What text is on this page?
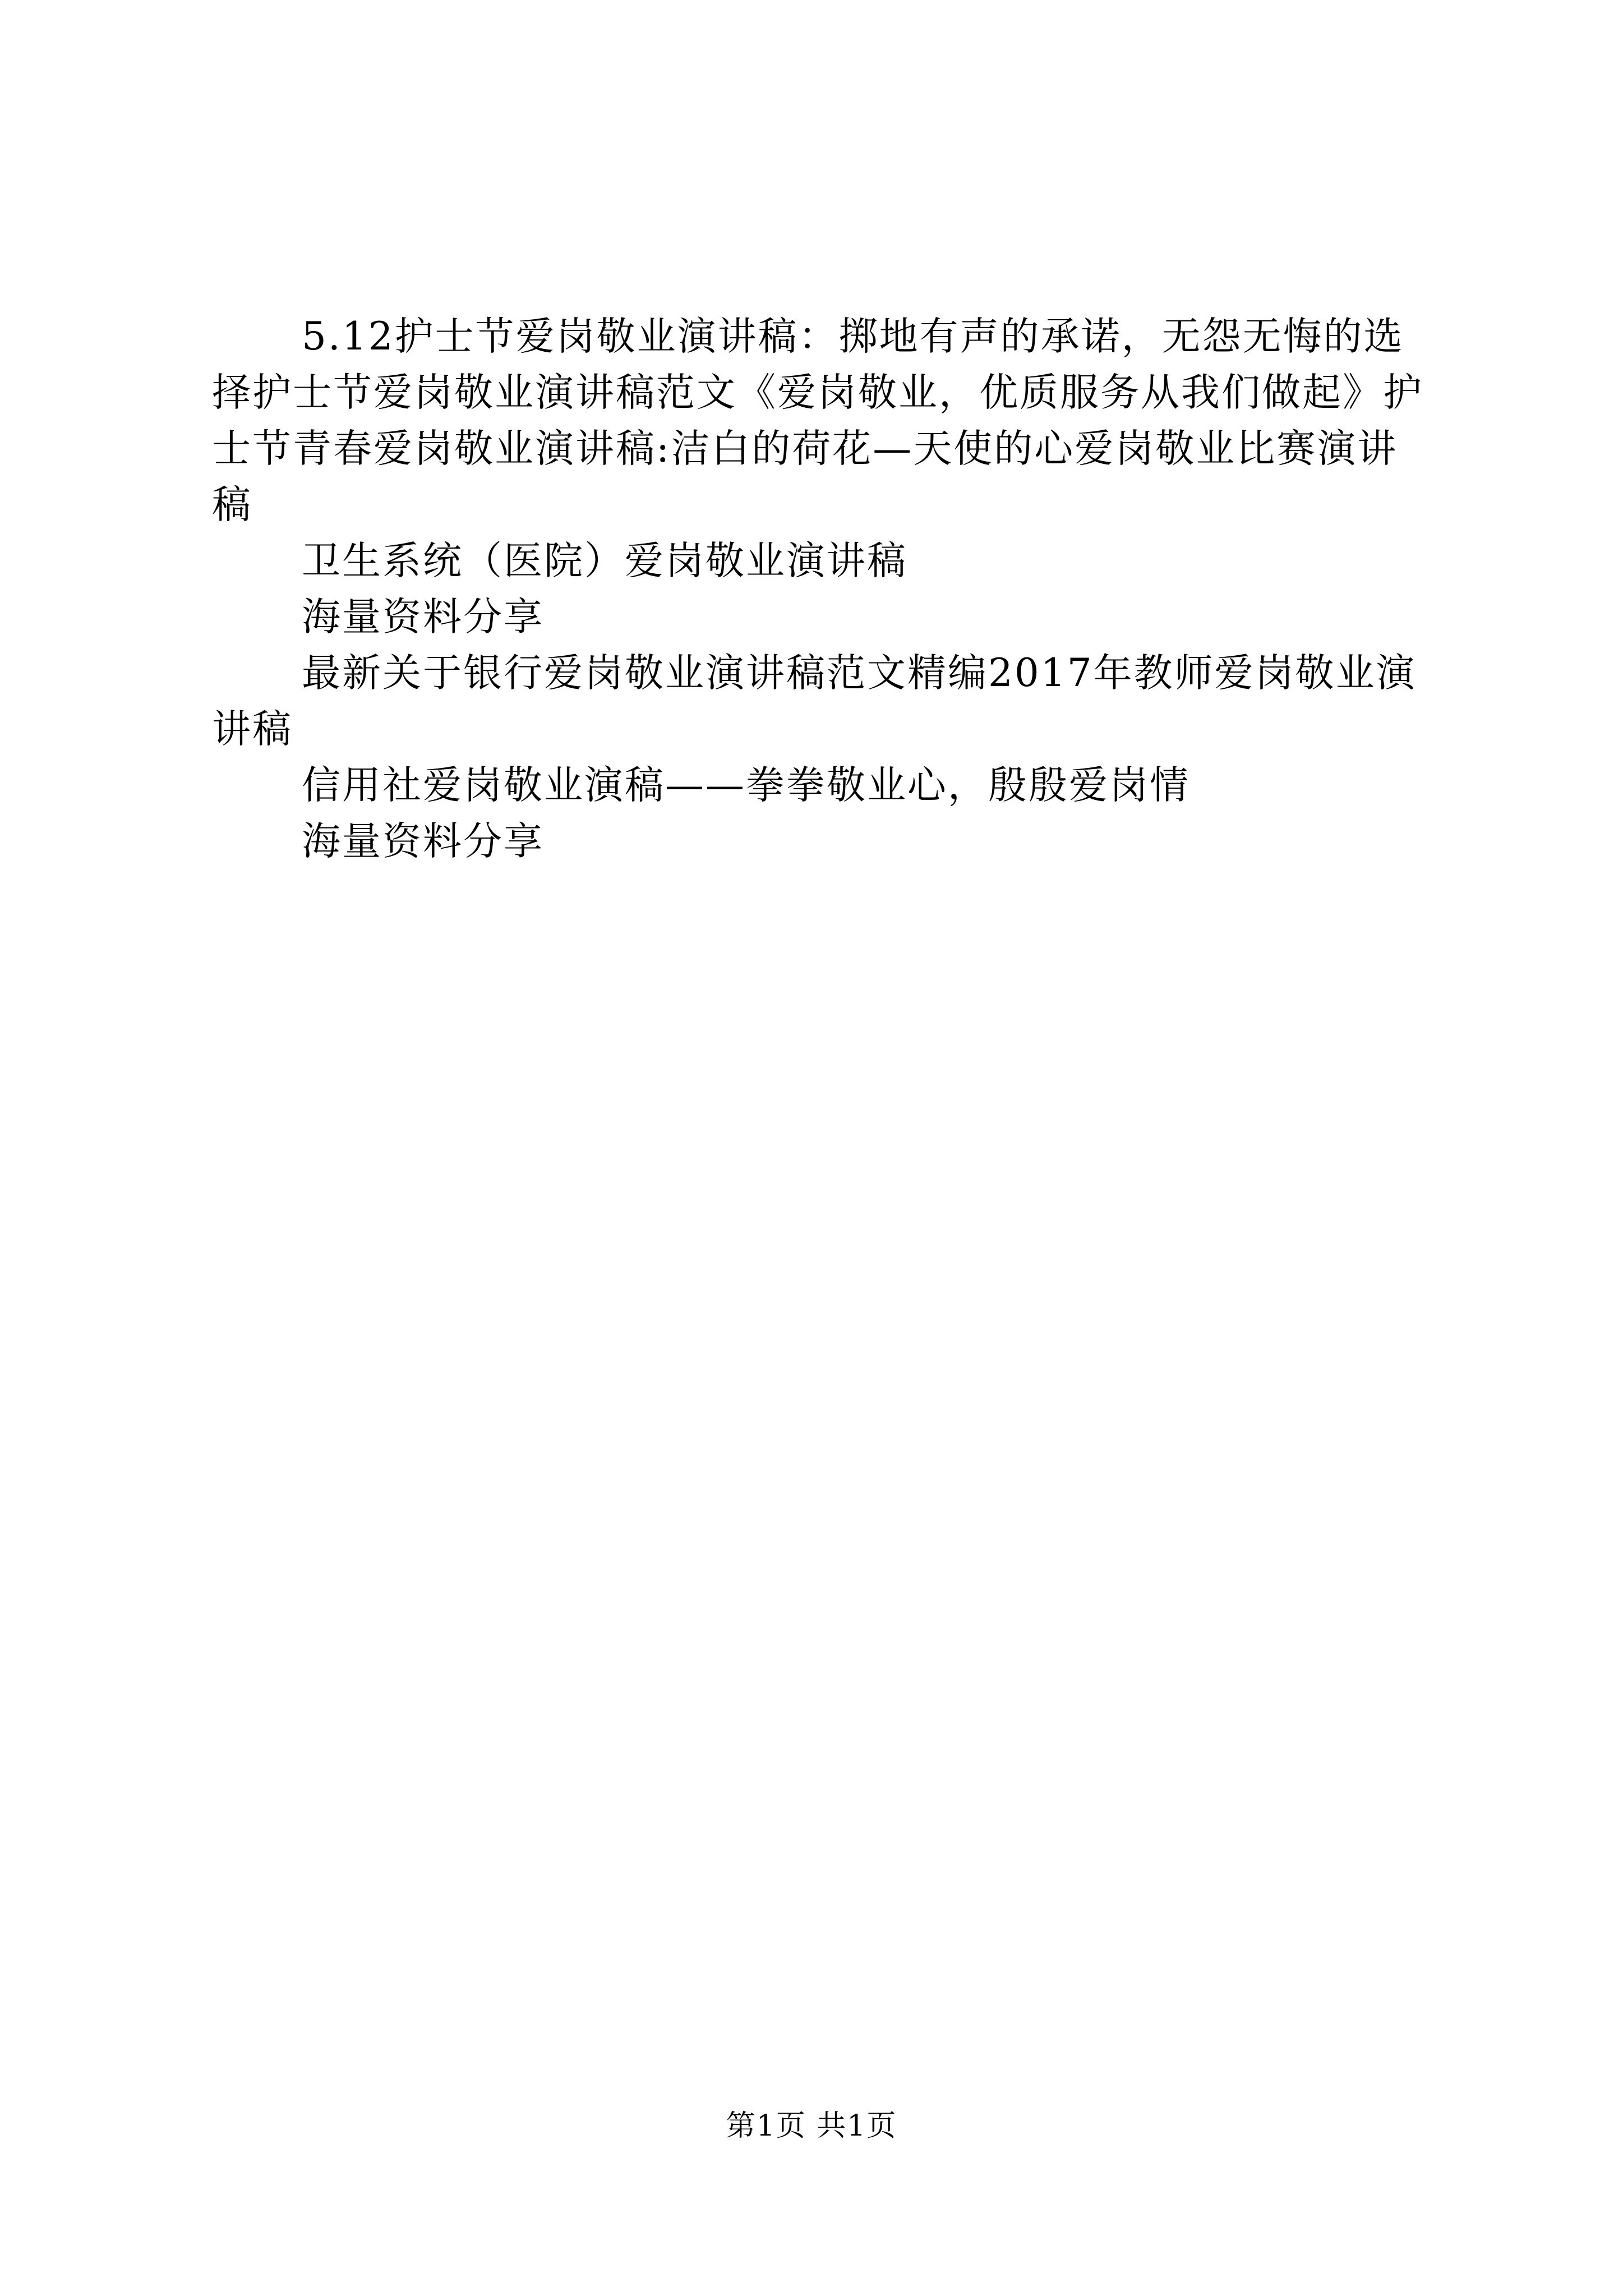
5.12护士节爱岗敬业演讲稿：掷地有声的承诺，无怨无悔的选择护士节爱岗敬业演讲稿范文《爱岗敬业，优质服务从我们做起》护士节青春爱岗敬业演讲稿:洁白的荷花—天使的心爱岗敬业比赛演讲稿

卫生系统（医院）爱岗敬业演讲稿

海量资料分享

最新关于银行爱岗敬业演讲稿范文精编2017年教师爱岗敬业演讲稿

信用社爱岗敬业演稿——拳拳敬业心，殷殷爱岗情

海量资料分享

第1页 共1页
